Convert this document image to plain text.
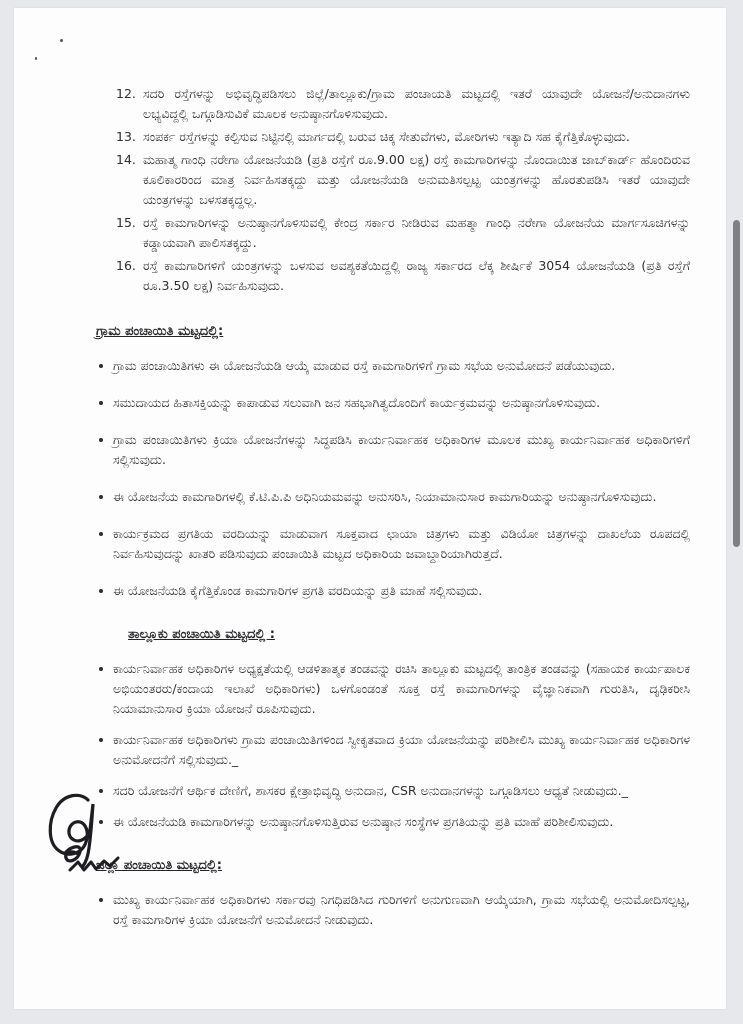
12. ಸದರಿ ರಸ್ತೆಗಳನ್ನು ಅಭಿವೃದ್ಧಿಪಡಿಸಲು ಜಿಲ್ಲೆ/ತಾಲ್ಲೂಕು/ಗ್ರಾಮ ಪಂಚಾಯತಿ ಮಟ್ಟದಲ್ಲಿ ಇತರೆ ಯಾವುದೇ ಯೋಜನೆ/ಅನುದಾನಗಳು ಲಭ್ಯವಿದ್ದಲ್ಲಿ ಒಗ್ಗೂಡಿಸುವಿಕೆ ಮೂಲಕ ಅನುಷ್ಠಾನಗೊಳಿಸುವುದು.
13. ಸಂಪರ್ಕ ರಸ್ತೆಗಳನ್ನು ಕಲ್ಪಿಸುವ ನಿಟ್ಟಿನಲ್ಲಿ ಮಾರ್ಗದಲ್ಲಿ ಬರುವ ಚಿಕ್ಕ ಸೇತುವೆಗಳು, ಮೋರಿಗಳು ಇತ್ಯಾದಿ ಸಹ ಕೈಗೆತ್ತಿಕೊಳ್ಳುವುದು.
14. ಮಹಾತ್ಮ ಗಾಂಧಿ ನರೇಗಾ ಯೋಜನೆಯಡಿ (ಪ್ರತಿ ರಸ್ತೆಗೆ ರೂ.9.00 ಲಕ್ಷ) ರಸ್ತೆ ಕಾಮಗಾರಿಗಳನ್ನು ನೊಂದಾಯಿತ ಜಾಬ್‌ಕಾರ್ಡ್ ಹೊಂದಿರುವ ಕೂಲಿಕಾರರಿಂದ ಮಾತ್ರ ನಿರ್ವಹಿಸತಕ್ಕದ್ದು ಮತ್ತು ಯೋಜನೆಯಡಿ ಅನುಮತಿಸಲ್ಪಟ್ಟ ಯಂತ್ರಗಳನ್ನು ಹೊರತುಪಡಿಸಿ ಇತರೆ ಯಾವುದೇ ಯಂತ್ರಗಳನ್ನು ಬಳಸತಕ್ಕದ್ದಲ್ಲ.
15. ರಸ್ತೆ ಕಾಮಗಾರಿಗಳನ್ನು ಅನುಷ್ಠಾನಗೊಳಿಸುವಲ್ಲಿ ಕೇಂದ್ರ ಸರ್ಕಾರ ನೀಡಿರುವ ಮಹತ್ಮಾ ಗಾಂಧಿ ನರೇಗಾ ಯೋಜನೆಯ ಮಾರ್ಗಸೂಚಿಗಳನ್ನು ಕಡ್ಡಾಯವಾಗಿ ಪಾಲಿಸತಕ್ಕದ್ದು.
16. ರಸ್ತೆ ಕಾಮಗಾರಿಗಳಿಗೆ ಯಂತ್ರಗಳನ್ನು ಬಳಸುವ ಅವಶ್ಯಕತೆಯಿದ್ದಲ್ಲಿ ರಾಜ್ಯ ಸರ್ಕಾರದ ಲೆಕ್ಕ ಶೀರ್ಷಿಕೆ 3054 ಯೋಜನೆಯಡಿ (ಪ್ರತಿ ರಸ್ತೆಗೆ ರೂ.3.50 ಲಕ್ಷ) ನಿರ್ವಹಿಸುವುದು.
ಗ್ರಾಮ ಪಂಚಾಯಿತಿ ಮಟ್ಟದಲ್ಲಿ:
ಗ್ರಾಮ ಪಂಚಾಯಿತಿಗಳು ಈ ಯೋಜನೆಯಡಿ ಆಯ್ಕೆ ಮಾಡುವ ರಸ್ತೆ ಕಾಮಗಾರಿಗಳಿಗೆ ಗ್ರಾಮ ಸಭೆಯ ಅನುಮೋದನೆ ಪಡೆಯುವುದು.
ಸಮುದಾಯದ ಹಿತಾಸಕ್ತಿಯನ್ನು ಕಾಪಾಡುವ ಸಲುವಾಗಿ ಜನ ಸಹಭಾಗಿತ್ವದೊಂದಿಗೆ ಕಾರ್ಯಕ್ರಮವನ್ನು ಅನುಷ್ಠಾನಗೊಳಿಸುವುದು.
ಗ್ರಾಮ ಪಂಚಾಯಿತಿಗಳು ಕ್ರಿಯಾ ಯೋಜನೆಗಳನ್ನು ಸಿದ್ಧಪಡಿಸಿ ಕಾರ್ಯನಿರ್ವಾಹಕ ಅಧಿಕಾರಿಗಳ ಮೂಲಕ ಮುಖ್ಯ ಕಾರ್ಯನಿರ್ವಾಹಕ ಅಧಿಕಾರಿಗಳಿಗೆ ಸಲ್ಲಿಸುವುದು.
ಈ ಯೋಜನೆಯ ಕಾಮಗಾರಿಗಳಲ್ಲಿ ಕೆ.ಟಿ.ಪಿ.ಪಿ ಅಧಿನಿಯಮವನ್ನು ಅನುಸರಿಸಿ, ನಿಯಾಮಾನುಸಾರ ಕಾಮಗಾರಿಯನ್ನು ಅನುಷ್ಠಾನಗೊಳಿಸುವುದು.
ಕಾರ್ಯಕ್ರಮದ ಪ್ರಗತಿಯ ವರದಿಯನ್ನು ಮಾಡುವಾಗ ಸೂಕ್ತವಾದ ಛಾಯಾ ಚಿತ್ರಗಳು ಮತ್ತು ವಿಡಿಯೋ ಚಿತ್ರಗಳನ್ನು ದಾಖಲೆಯ ರೂಪದಲ್ಲಿ ನಿರ್ವಹಿಸುವುದನ್ನು ಖಾತರಿ ಪಡಿಸುವುದು ಪಂಚಾಯಿತಿ ಮಟ್ಟದ ಅಧಿಕಾರಿಯ ಜವಾಬ್ದಾರಿಯಾಗಿರುತ್ತದೆ.
ಈ ಯೋಜನೆಯಡಿ ಕೈಗೆತ್ತಿಕೊಂಡ ಕಾಮಗಾರಿಗಳ ಪ್ರಗತಿ ವರದಿಯನ್ನು ಪ್ರತಿ ಮಾಹೆ ಸಲ್ಲಿಸುವುದು.
ತಾಲ್ಲೂಕು ಪಂಚಾಯಿತಿ ಮಟ್ಟದಲ್ಲಿ :
ಕಾರ್ಯನಿರ್ವಾಹಕ ಅಧಿಕಾರಿಗಳ ಅಧ್ಯಕ್ಷತೆಯಲ್ಲಿ ಆಡಳಿತಾತ್ಮಕ ತಂಡವನ್ನು ರಚಿಸಿ ತಾಲ್ಲೂಕು ಮಟ್ಟದಲ್ಲಿ ತಾಂತ್ರಿಕ ತಂಡವನ್ನು (ಸಹಾಯಕ ಕಾರ್ಯಪಾಲಕ ಅಭಿಯಂತರರು/ಕಂದಾಯ ಇಲಾಖೆ ಅಧಿಕಾರಿಗಳು) ಒಳಗೊಂಡಂತೆ ಸೂಕ್ತ ರಸ್ತೆ ಕಾಮಗಾರಿಗಳನ್ನು ವೈಜ್ಞಾನಿಕವಾಗಿ ಗುರುತಿಸಿ, ದೃಢಿಕರೀಸಿ ನಿಯಾಮಾನುಸಾರ ಕ್ರಿಯಾ ಯೋಜನೆ ರೂಪಿಸುವುದು.
ಕಾರ್ಯನಿರ್ವಾಹಕ ಅಧಿಕಾರಿಗಳು ಗ್ರಾಮ ಪಂಚಾಯಿತಿಗಳಿಂದ ಸ್ವೀಕೃತವಾದ ಕ್ರಿಯಾ ಯೋಜನೆಯನ್ನು ಪರಿಶೀಲಿಸಿ ಮುಖ್ಯ ಕಾರ್ಯನಿರ್ವಾಹಕ ಅಧಿಕಾರಿಗಳ ಅನುಮೋದನೆಗೆ ಸಲ್ಲಿಸುವುದು._
ಸದರಿ ಯೋಜನೆಗೆ ಆರ್ಥಿಕ ದೇಣಿಗೆ, ಶಾಸಕರ ಕ್ಷೇತ್ರಾಭಿವೃದ್ಧಿ ಅನುದಾನ, CSR ಅನುದಾನಗಳನ್ನು ಒಗ್ಗೂಡಿಸಲು ಆಧ್ಯತೆ ನೀಡುವುದು._
ಈ ಯೋಜನೆಯಡಿ ಕಾಮಗಾರಿಗಳನ್ನು ಅನುಷ್ಠಾನಗೊಳಿಸುತ್ತಿರುವ ಅನುಷ್ಠಾನ ಸಂಸ್ಥೆಗಳ ಪ್ರಗತಿಯನ್ನು ಪ್ರತಿ ಮಾಹೆ ಪರಿಶೀಲಿಸುವುದು.
ಜಿಲ್ಲಾ ಪಂಚಾಯಿತಿ ಮಟ್ಟದಲ್ಲಿ:
ಮುಖ್ಯ ಕಾರ್ಯನಿರ್ವಾಹಕ ಅಧಿಕಾರಿಗಳು ಸರ್ಕಾರವು ನಿಗಧಿಪಡಿಸಿದ ಗುರಿಗಳಿಗೆ ಅನುಗುಣವಾಗಿ ಆಯ್ಕೆಯಾಗಿ, ಗ್ರಾಮ ಸಭೆಯಲ್ಲಿ ಅನುಮೋದಿಸಲ್ಪಟ್ಟ, ರಸ್ತೆ ಕಾಮಗಾರಿಗಳ ಕ್ರಿಯಾ ಯೋಜನೆಗೆ ಅನುಮೋದನೆ ನೀಡುವುದು.
